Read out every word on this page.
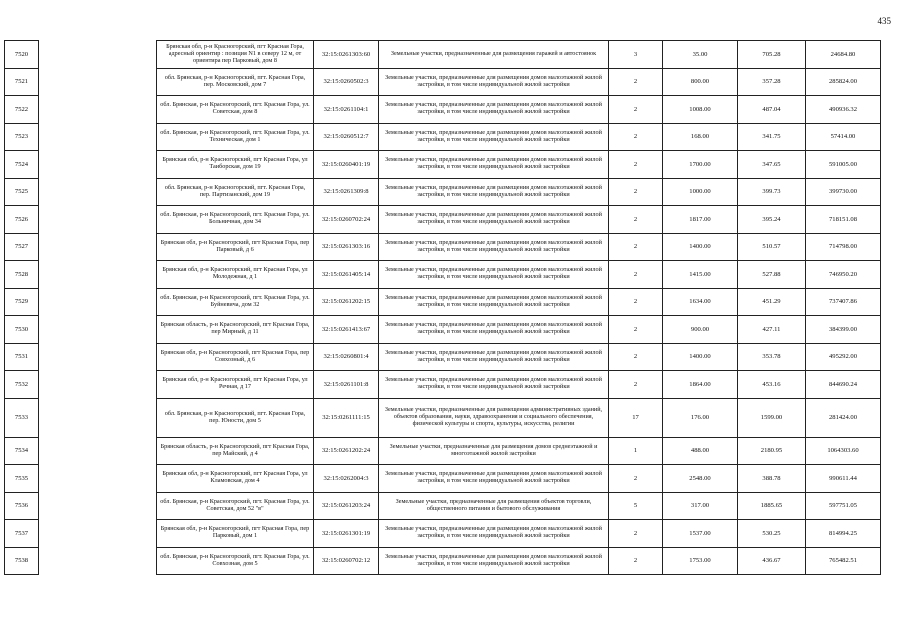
435
7520		Брянская обл, р-н Красногорский, пгт Красная Гора, адресный ориентир : позиция N1 в северу 12 м, от ориентира пер Парковый, дом 8	32:15:0261303:60	Земельные участки, предназначенные для размещения гаражей и автостоянок	3	35.00	705.28	24684.80
7521		обл. Брянская, р-н Красногорский, пгт. Красная Гора, пер. Московский, дом 7	32:15:0260502:3	Земельные участки, предназначенные для размещения домов малоэтажной жилой застройки, в том числе индивидуальной жилой застройки	2	800.00	357.28	285824.00
7522		обл. Брянская, р-н Красногорский, пгт. Красная Гора, ул. Советская, дом 8	32:15:0261104:1	Земельные участки, предназначенные для размещения домов малоэтажной жилой застройки, в том числе индивидуальной жилой застройки	2	1008.00	487.04	490936.32
7523		обл. Брянская, р-н Красногорский, пгт. Красная Гора, ул. Техническая, дом 1	32:15:0260512:7	Земельные участки, предназначенные для размещения домов малоэтажной жилой застройки, в том числе индивидуальной жилой застройки	2	168.00	341.75	57414.00
7524		Брянская обл, р-н Красногорский, пгт Красная Гора, ул Таиборская, дом 19	32:15:0260401:19	Земельные участки, предназначенные для размещения домов малоэтажной жилой застройки, в том числе индивидуальной жилой застройки	2	1700.00	347.65	591005.00
7525		обл. Брянская, р-н Красногорский, пгт. Красная Гора, пер. Партизанский, дом 19	32:15:0261309:8	Земельные участки, предназначенные для размещения домов малоэтажной жилой застройки, в том числе индивидуальной жилой застройки	2	1000.00	399.73	399730.00
7526		обл. Брянская, р-н Красногорский, пгт. Красная Гора, ул. Больничная, дом 34	32:15:0260702:24	Земельные участки, предназначенные для размещения домов малоэтажной жилой застройки, в том числе индивидуальной жилой застройки	2	1817.00	395.24	718151.08
7527		Брянская обл, р-н Красногорский, пгт Красная Гора, пер Парковый, д 6	32:15:0261303:16	Земельные участки, предназначенные для размещения домов малоэтажной жилой застройки, в том числе индивидуальной жилой застройки	2	1400.00	510.57	714798.00
7528		Брянская обл, р-н Красногорский, пгт Красная Гора, ул Молодежная, д 1	32:15:0261405:14	Земельные участки, предназначенные для размещения домов малоэтажной жилой застройки, в том числе индивидуальной жилой застройки	2	1415.00	527.88	746950.20
7529		обл. Брянская, р-н Красногорский, пгт. Красная Гора, ул. Буйневича, дом 32	32:15:0261202:15	Земельные участки, предназначенные для размещения домов малоэтажной жилой застройки, в том числе индивидуальной жилой застройки	2	1634.00	451.29	737407.86
7530		Брянская область, р-н Красногорский, пгт Красная Гора, пер Мирный, д 11	32:15:0261413:67	Земельные участки, предназначенные для размещения домов малоэтажной жилой застройки, в том числе индивидуальной жилой застройки	2	900.00	427.11	384399.00
7531		Брянская обл, р-н Красногорский, пгт Красная Гора, пер Совхозный, д 6	32:15:0260801:4	Земельные участки, предназначенные для размещения домов малоэтажной жилой застройки, в том числе индивидуальной жилой застройки	2	1400.00	353.78	495292.00
7532		Брянская обл, р-н Красногорский, пгт Красная Гора, ул Речная, д 17	32:15:0261101:8	Земельные участки, предназначенные для размещения домов малоэтажной жилой застройки, в том числе индивидуальной жилой застройки	2	1864.00	453.16	844690.24
7533		обл. Брянская, р-н Красногорский, пгт. Красная Гора, пер. Юности, дом 5	32:15:0261111:15	Земельные участки, предназначенные для размещения административных зданий, объектов образования, науки, здравоохранения и социального обеспечения, физической культуры и спорта, культуры, искусства, религии	17	176.00	1599.00	281424.00
7534		Брянская область, р-н Красногорский, пгт Красная Гора, пер Майский, д 4	32:15:0261202:24	Земельные участки, предназначенные для размещения домов среднеэтажной и многоэтажной жилой застройки	1	488.00	2180.95	1064303.60
7535		Брянская обл, р-н Красногорский, пгт Красная Гора, ул Кламовская, дом 4	32:15:0262004:3	Земельные участки, предназначенные для размещения домов малоэтажной жилой застройки, в том числе индивидуальной жилой застройки	2	2548.00	388.78	990611.44
7536		обл. Брянская, р-н Красногорский, пгт. Красная Гора, ул. Советская, дом 52 "в"	32:15:0261203:24	Земельные участки, предназначенные для размещения объектов торговли, общественного питания и бытового обслуживания	5	317.00	1885.65	597751.05
7537		Брянская обл, р-н Красногорский, пгт Красная Гора, пер Парковый, дом 1	32:15:0261301:19	Земельные участки, предназначенные для размещения домов малоэтажной жилой застройки, в том числе индивидуальной жилой застройки	2	1537.00	530.25	814994.25
7538		обл. Брянская, р-н Красногорский, пгт. Красная Гора, ул. Совхозная, дом 5	32:15:0260702:12	Земельные участки, предназначенные для размещения домов малоэтажной жилой застройки, в том числе индивидуальной жилой застройки	2	1753.00	436.67	765482.51
